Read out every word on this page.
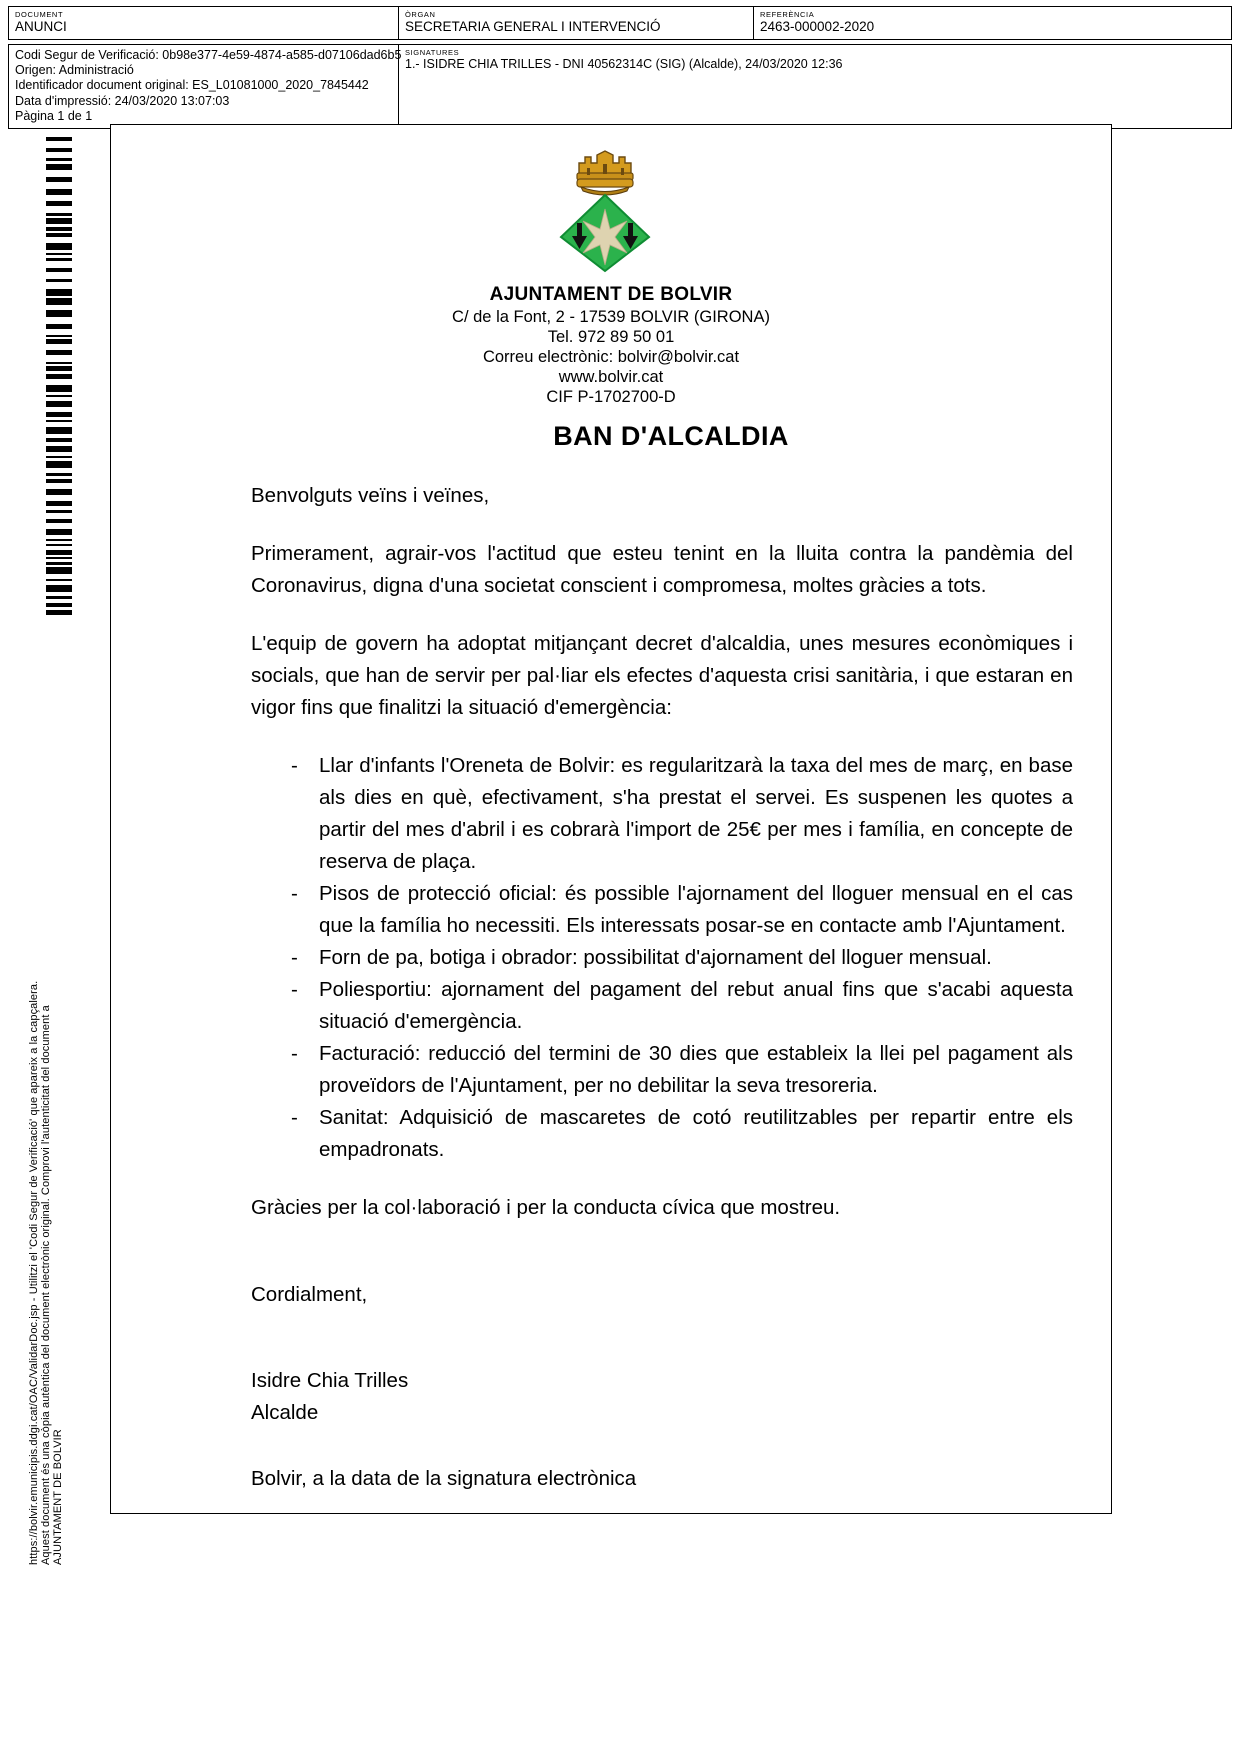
DOCUMENT
ANUNCI
ÒRGAN
SECRETARIA GENERAL I INTERVENCIÓ
REFERÈNCIA
2463-000002-2020
Codi Segur de Verificació: 0b98e377-4e59-4874-a585-d07106dad6b5
Origen: Administració
Identificador document original: ES_L01081000_2020_7845442
Data d'impressió: 24/03/2020 13:07:03
Pàgina 1 de 1
SIGNATURES
1.- ISIDRE CHIA TRILLES - DNI 40562314C (SIG) (Alcalde), 24/03/2020 12:36
AJUNTAMENT DE BOLVIR
Aquest document és una còpia autèntica del document electrònic original. Comprovi l'autenticitat del document a
https://bolvir.emunicipis.ddgi.cat/OAC/ValidarDoc.jsp - Utilitzi el 'Codi Segur de Verificació' que apareix a la capçalera.
AJUNTAMENT DE BOLVIR
C/ de la Font, 2 - 17539 BOLVIR (GIRONA)
Tel. 972 89 50 01
Correu electrònic: bolvir@bolvir.cat
www.bolvir.cat
CIF P-1702700-D
BAN D'ALCALDIA

Benvolguts veïns i veïnes,

Primerament, agrair-vos l'actitud que esteu tenint en la lluita contra la pandèmia del Coronavirus, digna d'una societat conscient i compromesa, moltes gràcies a tots.

L'equip de govern ha adoptat mitjançant decret d'alcaldia, unes mesures econòmiques i socials, que han de servir per pal·liar els efectes d'aquesta crisi sanitària, i que estaran en vigor fins que finalitzi la situació d'emergència:

- Llar d'infants l'Oreneta de Bolvir: es regularitzarà la taxa del mes de març, en base als dies en què, efectivament, s'ha prestat el servei. Es suspenen les quotes a partir del mes d'abril i es cobrarà l'import de 25€ per mes i família, en concepte de reserva de plaça.
- Pisos de protecció oficial: és possible l'ajornament del lloguer mensual en el cas que la família ho necessiti. Els interessats posar-se en contacte amb l'Ajuntament.
- Forn de pa, botiga i obrador: possibilitat d'ajornament del lloguer mensual.
- Poliesportiu: ajornament del pagament del rebut anual fins que s'acabi aquesta situació d'emergència.
- Facturació: reducció del termini de 30 dies que estableix la llei pel pagament als proveïdors de l'Ajuntament, per no debilitar la seva tresoreria.
- Sanitat: Adquisició de mascaretes de cotó reutilitzables per repartir entre els empadronats.

Gràcies per la col·laboració i per la conducta cívica que mostreu.

Cordialment,

Isidre Chia Trilles

Alcalde

Bolvir, a la data de la signatura electrònica
